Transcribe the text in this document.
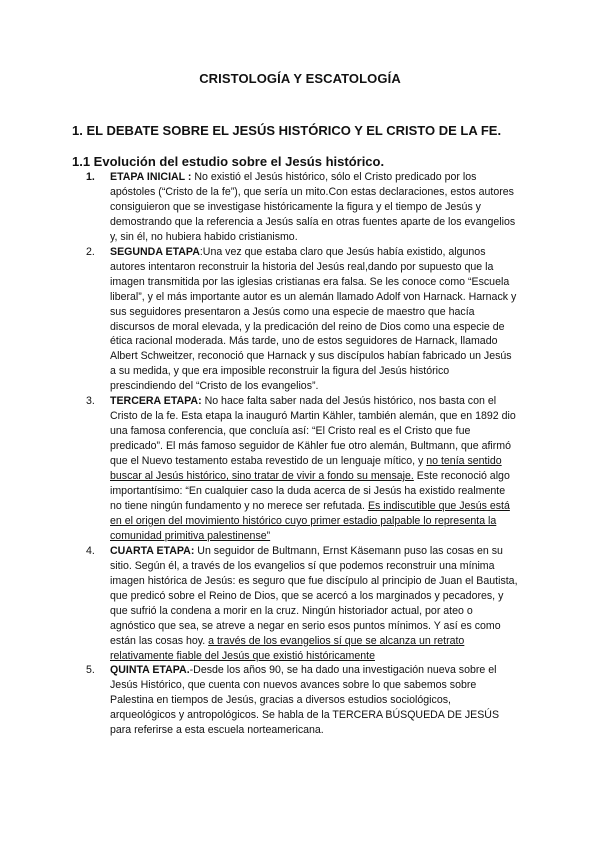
CRISTOLOGÍA Y ESCATOLOGÍA
1. EL DEBATE SOBRE EL JESÚS HISTÓRICO Y EL CRISTO DE LA FE.
1.1 Evolución del estudio sobre el Jesús histórico.
1.	ETAPA INICIAL : No existió el Jesús histórico, sólo el Cristo predicado por los apóstoles (“Cristo de la fe”), que sería un mito.Con estas declaraciones, estos autores consiguieron que se investigase históricamente la figura y el tiempo de Jesús y demostrando que la referencia a Jesús salía en otras fuentes aparte de los evangelios y, sin él, no hubiera habido cristianismo.
2.	SEGUNDA ETAPA:Una vez que estaba claro que Jesús había existido, algunos autores intentaron reconstruir la historia del Jesús real,dando por supuesto que la imagen transmitida por las iglesias cristianas era falsa. Se les conoce como “Escuela liberal”, y el más importante autor es un alemán llamado Adolf von Harnack. Harnack y sus seguidores presentaron a Jesús como una especie de maestro que hacía discursos de moral elevada, y la predicación del reino de Dios como una especie de ética racional moderada. Más tarde, uno de estos seguidores de Harnack, llamado Albert Schweitzer, reconoció que Harnack y sus discípulos habían fabricado un Jesús a su medida, y que era imposible reconstruir la figura del Jesús histórico prescindiendo del “Cristo de los evangelios”.
3.	TERCERA ETAPA: No hace falta saber nada del Jesús histórico, nos basta con el Cristo de la fe. Esta etapa la inauguró Martin Kähler, también alemán, que en 1892 dio una famosa conferencia, que concluía así: “El Cristo real es el Cristo que fue predicado”. El más famoso seguidor de Kähler fue otro alemán, Bultmann, que afirmó que el Nuevo testamento estaba revestido de un lenguaje mítico, y no tenía sentido buscar al Jesús histórico, sino tratar de vivir a fondo su mensaje. Este reconoció algo importantísimo: “En cualquier caso la duda acerca de si Jesús ha existido realmente no tiene ningún fundamento y no merece ser refutada. Es indiscutible que Jesús está en el origen del movimiento histórico cuyo primer estadio palpable lo representa la comunidad primitiva palestinense”
4.	CUARTA ETAPA: Un seguidor de Bultmann, Ernst Käsemann puso las cosas en su sitio. Según él, a través de los evangelios sí que podemos reconstruir una mínima imagen histórica de Jesús: es seguro que fue discípulo al principio de Juan el Bautista, que predicó sobre el Reino de Dios, que se acercó a los marginados y pecadores, y que sufrió la condena a morir en la cruz. Ningún historiador actual, por ateo o agnóstico que sea, se atreve a negar en serio esos puntos mínimos. Y así es como están las cosas hoy. a través de los evangelios sí que se alcanza un retrato relativamente fiable del Jesús que existió históricamente
5.	QUINTA ETAPA.-Desde los años 90, se ha dado una investigación nueva sobre el Jesús Histórico, que cuenta con nuevos avances sobre lo que sabemos sobre Palestina en tiempos de Jesús, gracias a diversos estudios sociológicos, arqueológicos y antropológicos. Se habla de la TERCERA BÚSQUEDA DE JESÚS para referirse a esta escuela norteamericana.
